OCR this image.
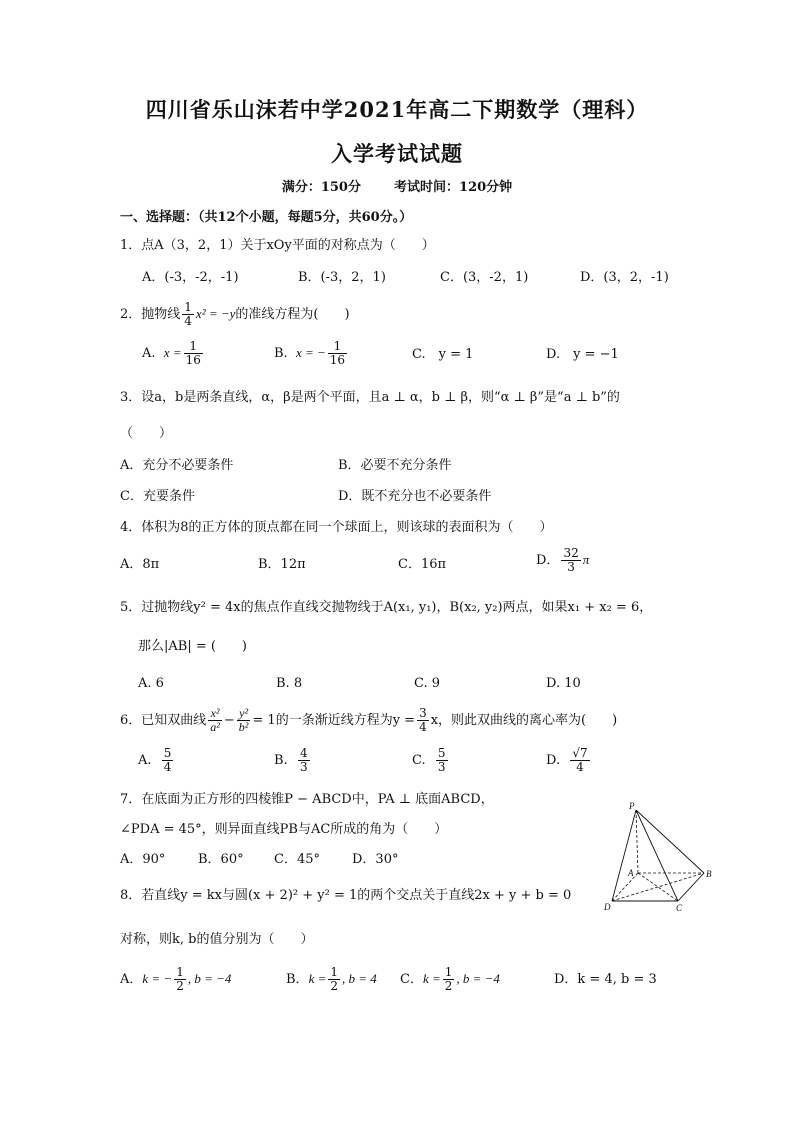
四川省乐山沫若中学2021年高二下期数学（理科）
入学考试试题
满分：150分	考试时间：120分钟
一、选择题：（共12个小题，每题5分，共60分。）
1．点A（3，2，1）关于xOy平面的对称点为（　　）
A．(-3，-2，-1)	B．(-3，2，1)	C．(3，-2，1)	D．(3，2，-1)
2．抛物线 $\frac{1}{4} x^2 = -y$的准线方程为(　　)
A. $x = \frac{1}{16}$	B. x = − $\frac{1}{16}$	C.　y = 1	D.　y = −1
3．设a，b是两条直线，α，β是两个平面，且a ⊥ α，b ⊥ β，则“α ⊥ β”是“a ⊥ b”的
（　　）
A．充分不必要条件	B．必要不充分条件
C．充要条件	D．既不充分也不必要条件
4．体积为8的正方体的顶点都在同一个球面上，则该球的表面积为（　　）
A．8π	B．12π	C．16π	D． $\frac{32}{3}$ π
5．过抛物线y² = 4x的焦点作直线交抛物线于A(x₁, y₁)，B(x₂, y₂)两点，如果x₁ + x₂ = 6，
那么|AB| = (　　)
A. 6	B. 8	C. 9	D. 10
6．已知双曲线 $\frac{\text{x²}}{\text{a²}} - \frac{\text{y²}}{\text{b²}} = 1$的一条渐近线方程为$y = \frac{3}{4}$ x，则此双曲线的离心率为(　　)
A. $\frac{5}{4}$	B. $\frac{4}{3}$	C. $\frac{5}{3}$	D. $\frac{√7}{4}$
7．在底面为正方形的四棱锥P − ABCD中，PA ⊥ 底面ABCD，
∠PDA = 45°，则异面直线PB与AC所成的角为（　　）
A．90°	B．60° C．45° D．30°
P
A	B
C
D
8．若直线y = kx与圆(x + 2)² + y² = 1的两个交点关于直线2x + y + b = 0
对称，则k, b的值分别为（　　）
A．k = − $\frac{1}{2}$ , b = −4	B．$k = \frac{1}{2}$ , b = 4 C．$k = \frac{1}{2}$ , b = −4	D．k = 4, b = 3
